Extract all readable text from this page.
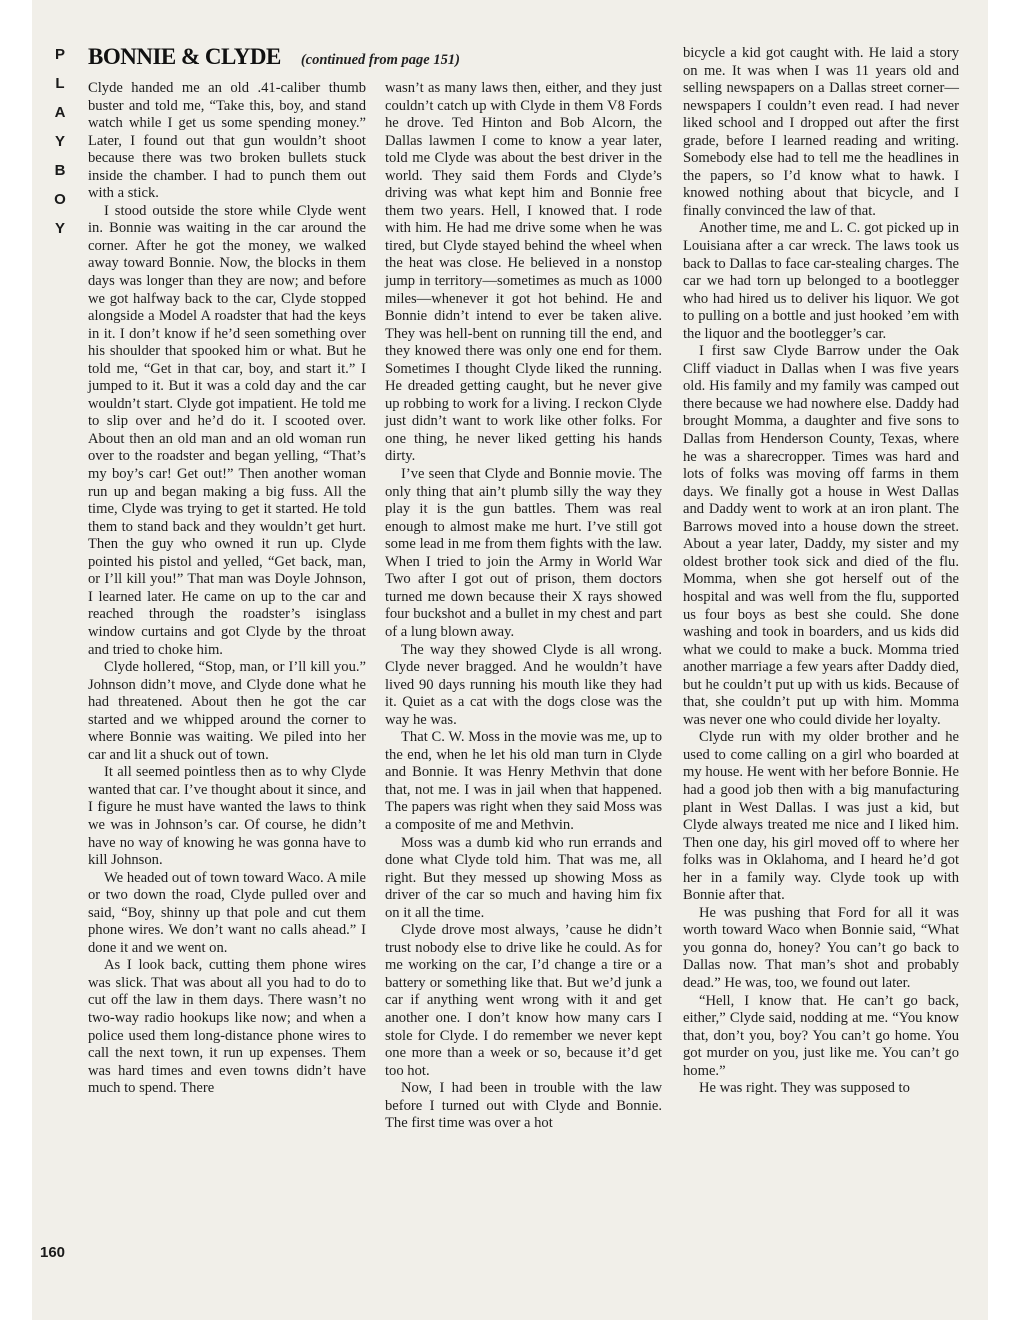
P
L
A
Y
B
O
Y
BONNIE & CLYDE (continued from page 151)

Clyde handed me an old .41-caliber thumb buster and told me, “Take this, boy, and stand watch while I get us some spending money.” Later, I found out that gun wouldn’t shoot because there was two broken bullets stuck inside the chamber. I had to punch them out with a stick.

I stood outside the store while Clyde went in. Bonnie was waiting in the car around the corner. After he got the money, we walked away toward Bonnie. Now, the blocks in them days was longer than they are now; and before we got halfway back to the car, Clyde stopped alongside a Model A roadster that had the keys in it. I don’t know if he’d seen something over his shoulder that spooked him or what. But he told me, “Get in that car, boy, and start it.” I jumped to it. But it was a cold day and the car wouldn’t start. Clyde got impatient. He told me to slip over and he’d do it. I scooted over. About then an old man and an old woman run over to the roadster and began yelling, “That’s my boy’s car! Get out!” Then another woman run up and began making a big fuss. All the time, Clyde was trying to get it started. He told them to stand back and they wouldn’t get hurt. Then the guy who owned it run up. Clyde pointed his pistol and yelled, “Get back, man, or I’ll kill you!” That man was Doyle Johnson, I learned later. He came on up to the car and reached through the roadster’s isinglass window curtains and got Clyde by the throat and tried to choke him.

Clyde hollered, “Stop, man, or I’ll kill you.” Johnson didn’t move, and Clyde done what he had threatened. About then he got the car started and we whipped around the corner to where Bonnie was waiting. We piled into her car and lit a shuck out of town.

It all seemed pointless then as to why Clyde wanted that car. I’ve thought about it since, and I figure he must have wanted the laws to think we was in Johnson’s car. Of course, he didn’t have no way of knowing he was gonna have to kill Johnson.

We headed out of town toward Waco. A mile or two down the road, Clyde pulled over and said, “Boy, shinny up that pole and cut them phone wires. We don’t want no calls ahead.” I done it and we went on.

As I look back, cutting them phone wires was slick. That was about all you had to do to cut off the law in them days. There wasn’t no two-way radio hookups like now; and when a police used them long-distance phone wires to call the next town, it run up expenses. Them was hard times and even towns didn’t have much to spend. There

wasn’t as many laws then, either, and they just couldn’t catch up with Clyde in them V8 Fords he drove. Ted Hinton and Bob Alcorn, the Dallas lawmen I come to know a year later, told me Clyde was about the best driver in the world. They said them Fords and Clyde’s driving was what kept him and Bonnie free them two years. Hell, I knowed that. I rode with him. He had me drive some when he was tired, but Clyde stayed behind the wheel when the heat was close. He believed in a nonstop jump in territory—sometimes as much as 1000 miles—whenever it got hot behind. He and Bonnie didn’t intend to ever be taken alive. They was hell-bent on running till the end, and they knowed there was only one end for them. Sometimes I thought Clyde liked the running. He dreaded getting caught, but he never give up robbing to work for a living. I reckon Clyde just didn’t want to work like other folks. For one thing, he never liked getting his hands dirty.

I’ve seen that Clyde and Bonnie movie. The only thing that ain’t plumb silly the way they play it is the gun battles. Them was real enough to almost make me hurt. I’ve still got some lead in me from them fights with the law. When I tried to join the Army in World War Two after I got out of prison, them doctors turned me down because their X rays showed four buckshot and a bullet in my chest and part of a lung blown away.

The way they showed Clyde is all wrong. Clyde never bragged. And he wouldn’t have lived 90 days running his mouth like they had it. Quiet as a cat with the dogs close was the way he was.

That C. W. Moss in the movie was me, up to the end, when he let his old man turn in Clyde and Bonnie. It was Henry Methvin that done that, not me. I was in jail when that happened. The papers was right when they said Moss was a composite of me and Methvin.

Moss was a dumb kid who run errands and done what Clyde told him. That was me, all right. But they messed up showing Moss as driver of the car so much and having him fix on it all the time.

Clyde drove most always, ’cause he didn’t trust nobody else to drive like he could. As for me working on the car, I’d change a tire or a battery or something like that. But we’d junk a car if anything went wrong with it and get another one. I don’t know how many cars I stole for Clyde. I do remember we never kept one more than a week or so, because it’d get too hot.

Now, I had been in trouble with the law before I turned out with Clyde and Bonnie. The first time was over a hot

bicycle a kid got caught with. He laid a story on me. It was when I was 11 years old and selling newspapers on a Dallas street corner—newspapers I couldn’t even read. I had never liked school and I dropped out after the first grade, before I learned reading and writing. Somebody else had to tell me the headlines in the papers, so I’d know what to hawk. I knowed nothing about that bicycle, and I finally convinced the law of that.

Another time, me and L. C. got picked up in Louisiana after a car wreck. The laws took us back to Dallas to face car-stealing charges. The car we had torn up belonged to a bootlegger who had hired us to deliver his liquor. We got to pulling on a bottle and just hooked ’em with the liquor and the bootlegger’s car.

I first saw Clyde Barrow under the Oak Cliff viaduct in Dallas when I was five years old. His family and my family was camped out there because we had nowhere else. Daddy had brought Momma, a daughter and five sons to Dallas from Henderson County, Texas, where he was a sharecropper. Times was hard and lots of folks was moving off farms in them days. We finally got a house in West Dallas and Daddy went to work at an iron plant. The Barrows moved into a house down the street. About a year later, Daddy, my sister and my oldest brother took sick and died of the flu. Momma, when she got herself out of the hospital and was well from the flu, supported us four boys as best she could. She done washing and took in boarders, and us kids did what we could to make a buck. Momma tried another marriage a few years after Daddy died, but he couldn’t put up with us kids. Because of that, she couldn’t put up with him. Momma was never one who could divide her loyalty.

Clyde run with my older brother and he used to come calling on a girl who boarded at my house. He went with her before Bonnie. He had a good job then with a big manufacturing plant in West Dallas. I was just a kid, but Clyde always treated me nice and I liked him. Then one day, his girl moved off to where her folks was in Oklahoma, and I heard he’d got her in a family way. Clyde took up with Bonnie after that.

He was pushing that Ford for all it was worth toward Waco when Bonnie said, “What you gonna do, honey? You can’t go back to Dallas now. That man’s shot and probably dead.” He was, too, we found out later.

“Hell, I know that. He can’t go back, either,” Clyde said, nodding at me. “You know that, don’t you, boy? You can’t go home. You got murder on you, just like me. You can’t go home.”

He was right. They was supposed to

160
